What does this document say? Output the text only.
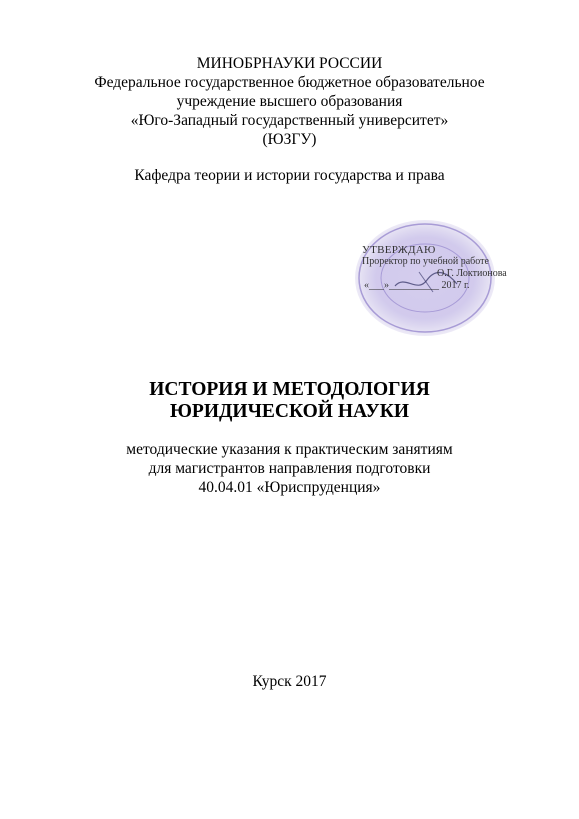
МИНОБРНАУКИ РОССИИ
Федеральное государственное бюджетное образовательное
учреждение высшего образования
«Юго-Западный государственный университет»
(ЮЗГУ)
Кафедра теории и истории государства и права
УТВЕРЖДАЮ
Проректор по учебной работе
О.Г. Локтионова
«___»__________ 2017 г.
ИСТОРИЯ И МЕТОДОЛОГИЯ
ЮРИДИЧЕСКОЙ НАУКИ
методические указания к практическим занятиям
для магистрантов направления подготовки
40.04.01 «Юриспруденция»
Курск 2017
